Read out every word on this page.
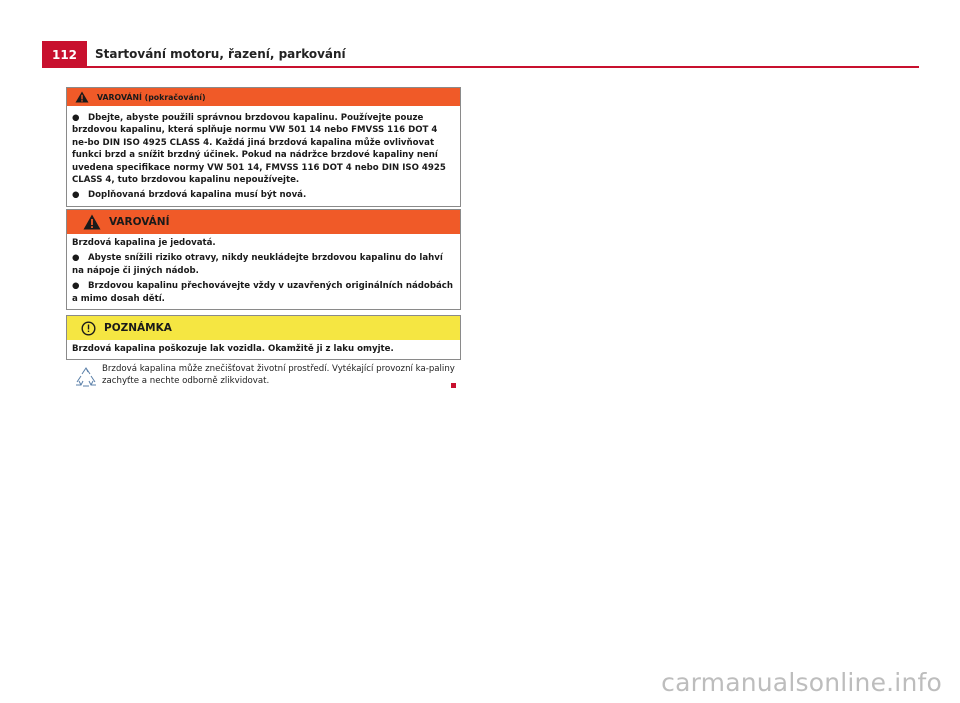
112	Startování motoru, řazení, parkování
VAROVÁNÍ (pokračování)

● Dbejte, abyste použili správnou brzdovou kapalinu. Používejte pouze brzdovou kapalinu, která splňuje normu VW 501 14 nebo FMVSS 116 DOT 4 ne-bo DIN ISO 4925 CLASS 4. Každá jiná brzdová kapalina může ovlivňovat funkci brzd a snížit brzdný účinek. Pokud na nádržce brzdové kapaliny není uvedena specifikace normy VW 501 14, FMVSS 116 DOT 4 nebo DIN ISO 4925 CLASS 4, tuto brzdovou kapalinu nepoužívejte.

● Doplňovaná brzdová kapalina musí být nová.

VAROVÁNÍ

Brzdová kapalina je jedovatá.

● Abyste snížili riziko otravy, nikdy neukládejte brzdovou kapalinu do lahví na nápoje či jiných nádob.

● Brzdovou kapalinu přechovávejte vždy v uzavřených originálních nádobách a mimo dosah dětí.

POZNÁMKA

Brzdová kapalina poškozuje lak vozidla. Okamžitě ji z laku omyjte.

Brzdová kapalina může znečišťovat životní prostředí. Vytékající provozní ka-paliny zachyťte a nechte odborně zlikvidovat.
carmanualsonline.info
